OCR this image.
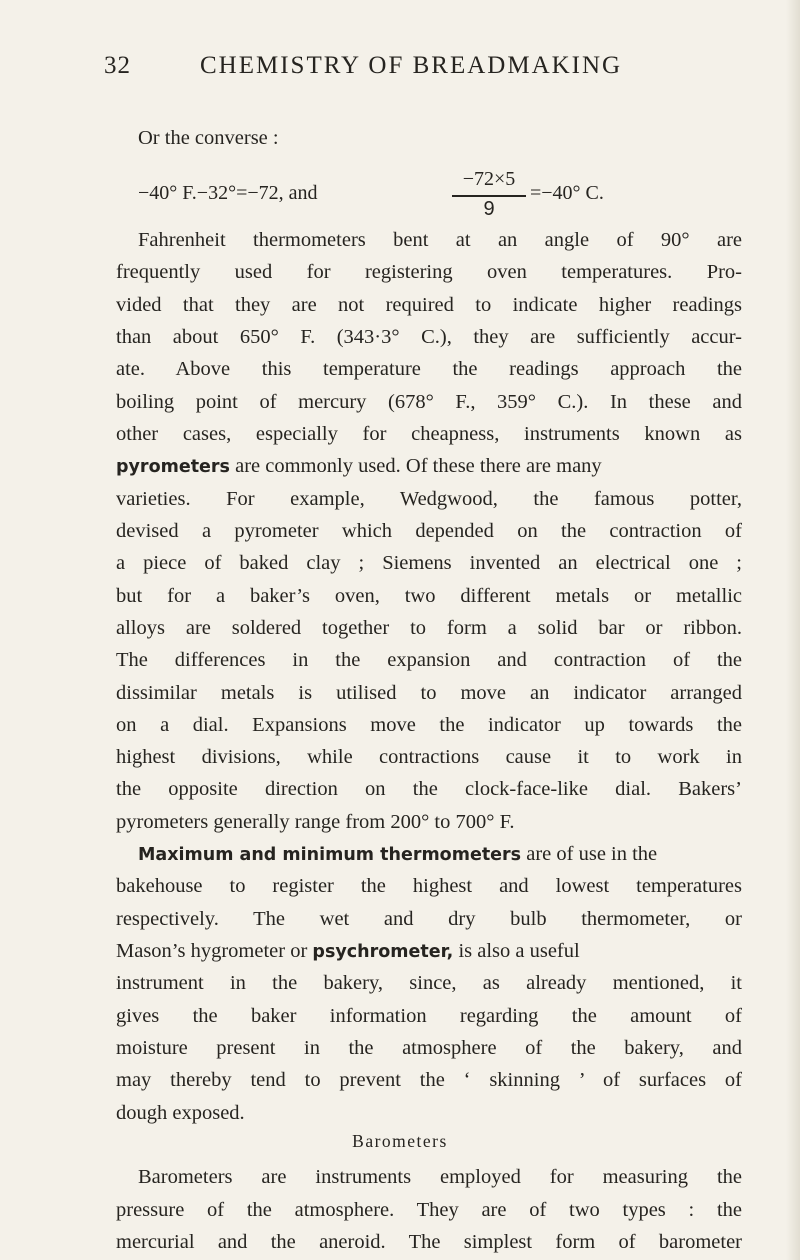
32	CHEMISTRY OF BREADMAKING
Or the converse :
−40° F.−32°=−72, and
−72×5
9
=−40° C.
Fahrenheit thermometers bent at an angle of 90° are
frequently used for registering oven temperatures. Pro-
vided that they are not required to indicate higher readings
than about 650° F. (343·3° C.), they are sufficiently accur-
ate. Above this temperature the readings approach the
boiling point of mercury (678° F., 359° C.). In these and
other cases, especially for cheapness, instruments known as
pyrometers are commonly used. Of these there are many
varieties. For example, Wedgwood, the famous potter,
devised a pyrometer which depended on the contraction of
a piece of baked clay ; Siemens invented an electrical one ;
but for a baker’s oven, two different metals or metallic
alloys are soldered together to form a solid bar or ribbon.
The differences in the expansion and contraction of the
dissimilar metals is utilised to move an indicator arranged
on a dial. Expansions move the indicator up towards the
highest divisions, while contractions cause it to work in
the opposite direction on the clock-face-like dial. Bakers’
pyrometers generally range from 200° to 700° F.
Maximum and minimum thermometers are of use in the
bakehouse to register the highest and lowest temperatures
respectively. The wet and dry bulb thermometer, or
Mason’s hygrometer or psychrometer, is also a useful
instrument in the bakery, since, as already mentioned, it
gives the baker information regarding the amount of
moisture present in the atmosphere of the bakery, and
may thereby tend to prevent the ‘ skinning ’ of surfaces of
dough exposed.
Barometers
Barometers are instruments employed for measuring the
pressure of the atmosphere. They are of two types : the
mercurial and the aneroid. The simplest form of barometer
